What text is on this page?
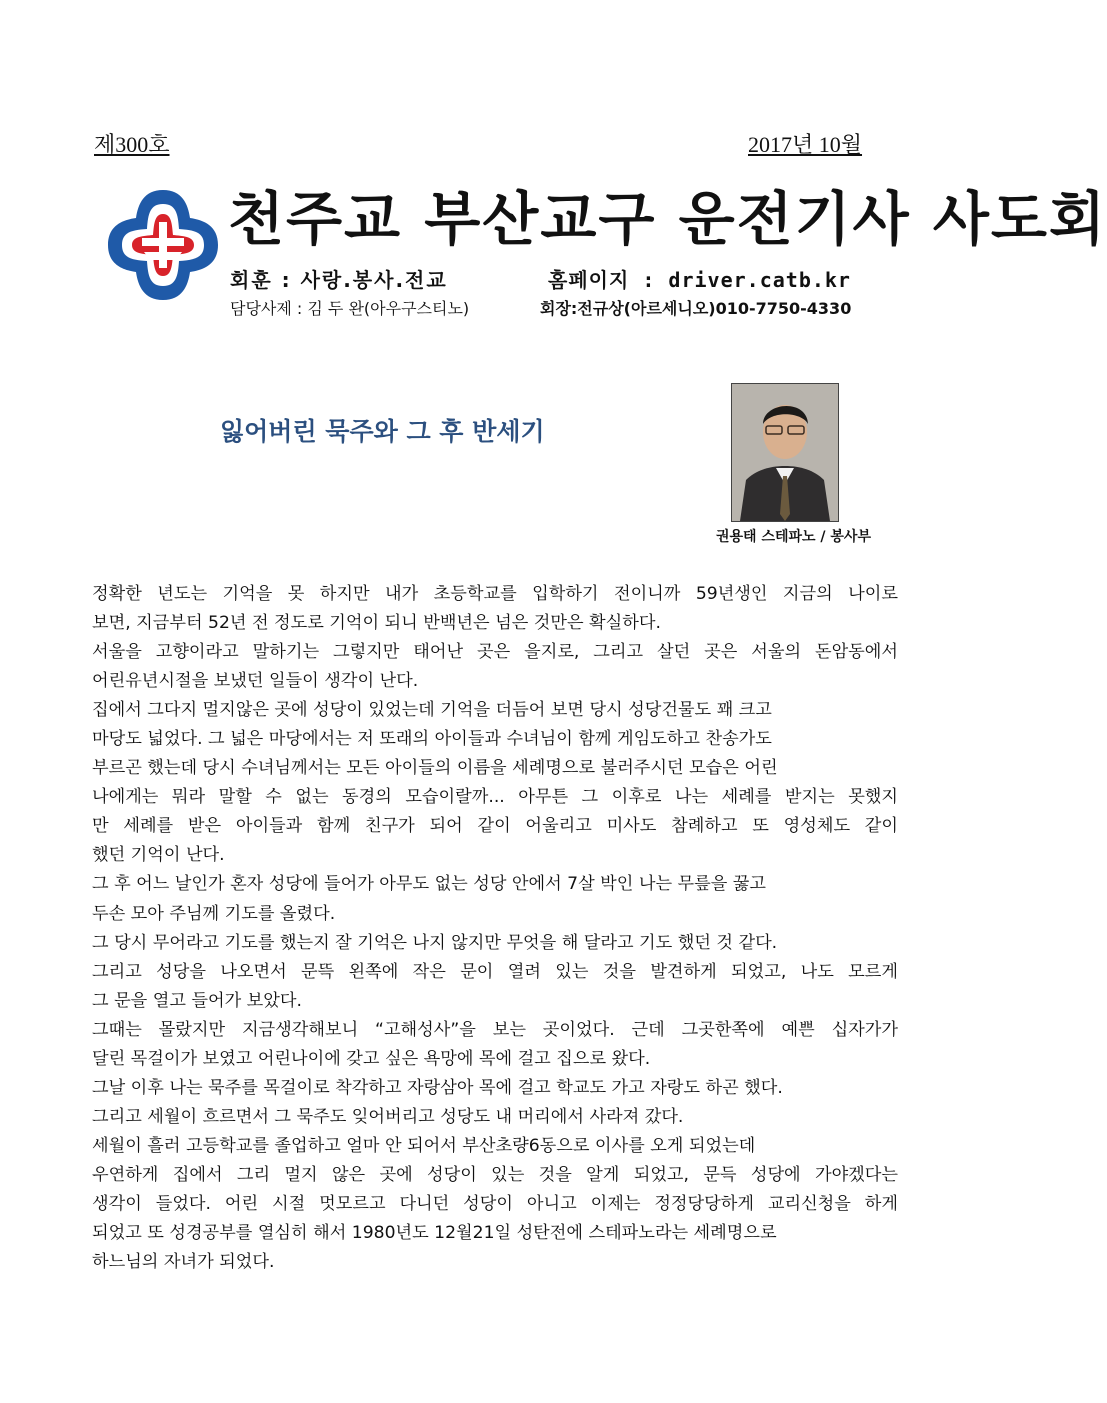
제300호	2017년 10월
천주교 부산교구 운전기사 사도회
회훈 : 사랑.봉사.전교	홈페이지 : driver.catb.kr
담당사제 : 김 두 완(아우구스티노)	회장:전규상(아르세니오)010-7750-4330
잃어버린 묵주와 그 후 반세기
권용태 스테파노 / 봉사부
정확한 년도는 기억을 못 하지만 내가 초등학교를 입학하기 전이니까 59년생인 지금의 나이로
보면, 지금부터 52년 전 정도로 기억이 되니 반백년은 넘은 것만은 확실하다.
서울을 고향이라고 말하기는 그렇지만 태어난 곳은 을지로, 그리고 살던 곳은 서울의 돈암동에서
어린유년시절을 보냈던 일들이 생각이 난다.
집에서 그다지 멀지않은 곳에 성당이 있었는데 기억을 더듬어 보면 당시 성당건물도 꽤 크고
마당도 넓었다. 그 넓은 마당에서는 저 또래의 아이들과 수녀님이 함께 게임도하고 찬송가도
부르곤 했는데 당시 수녀님께서는 모든 아이들의 이름을 세례명으로 불러주시던 모습은 어린
나에게는 뭐라 말할 수 없는 동경의 모습이랄까... 아무튼 그 이후로 나는 세례를 받지는 못했지
만 세례를 받은 아이들과 함께 친구가 되어 같이 어울리고 미사도 참례하고 또 영성체도 같이
했던 기억이 난다.
그 후 어느 날인가 혼자 성당에 들어가 아무도 없는 성당 안에서 7살 박인 나는 무릎을 꿇고
두손 모아 주님께 기도를 올렸다.
그 당시 무어라고 기도를 했는지 잘 기억은 나지 않지만 무엇을 해 달라고 기도 했던 것 같다.
그리고 성당을 나오면서 문뜩 왼쪽에 작은 문이 열려 있는 것을 발견하게 되었고, 나도 모르게
그 문을 열고 들어가 보았다.
그때는 몰랐지만 지금생각해보니 “고해성사”을 보는 곳이었다. 근데 그곳한쪽에 예쁜 십자가가
달린 목걸이가 보였고 어린나이에 갖고 싶은 욕망에 목에 걸고 집으로 왔다.
그날 이후 나는 묵주를 목걸이로 착각하고 자랑삼아 목에 걸고 학교도 가고 자랑도 하곤 했다.
그리고 세월이 흐르면서 그 묵주도 잊어버리고 성당도 내 머리에서 사라져 갔다.
세월이 흘러 고등학교를 졸업하고 얼마 안 되어서 부산초량6동으로 이사를 오게 되었는데
우연하게 집에서 그리 멀지 않은 곳에 성당이 있는 것을 알게 되었고, 문득 성당에 가야겠다는
생각이 들었다. 어린 시절 멋모르고 다니던 성당이 아니고 이제는 정정당당하게 교리신청을 하게
되었고 또 성경공부를 열심히 해서 1980년도 12월21일 성탄전에 스테파노라는 세례명으로
하느님의 자녀가 되었다.
